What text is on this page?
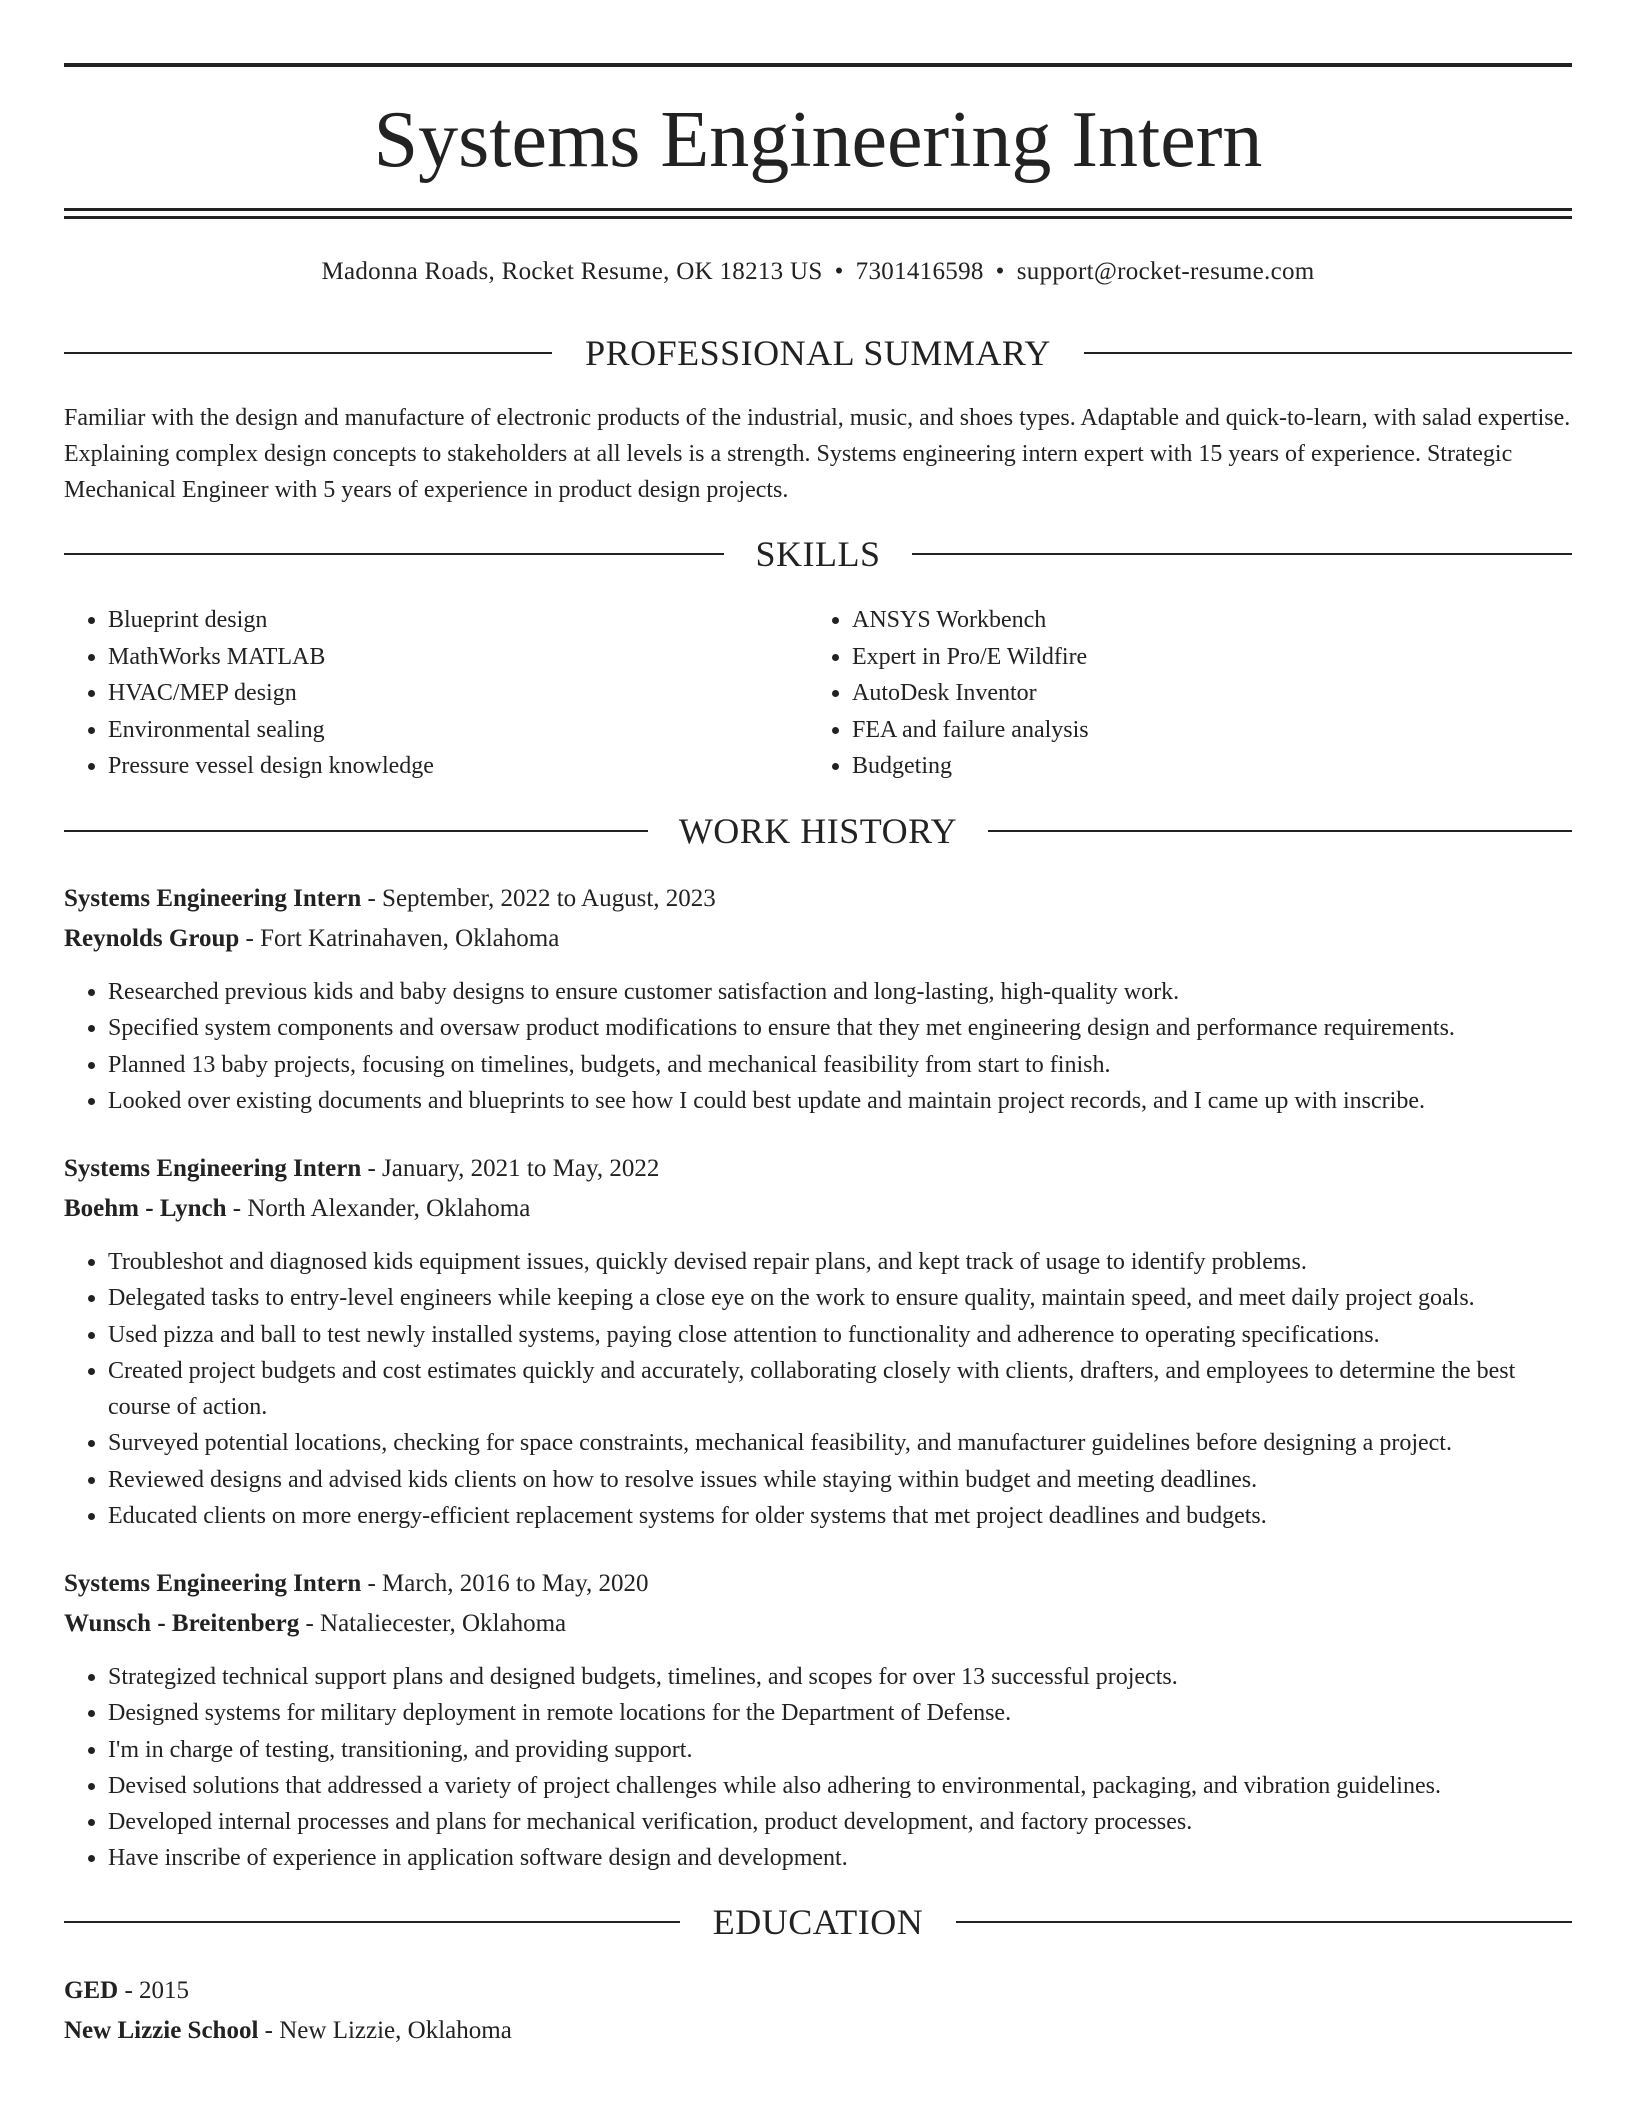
Systems Engineering Intern
Madonna Roads, Rocket Resume, OK 18213 US • 7301416598 • support@rocket-resume.com
PROFESSIONAL SUMMARY

Familiar with the design and manufacture of electronic products of the industrial, music, and shoes types. Adaptable and quick-to-learn, with salad expertise. Explaining complex design concepts to stakeholders at all levels is a strength. Systems engineering intern expert with 15 years of experience. Strategic Mechanical Engineer with 5 years of experience in product design projects.

SKILLS
• Blueprint design
• MathWorks MATLAB
• HVAC/MEP design
• Environmental sealing
• Pressure vessel design knowledge
• ANSYS Workbench
• Expert in Pro/E Wildfire
• AutoDesk Inventor
• FEA and failure analysis
• Budgeting
WORK HISTORY
Systems Engineering Intern - September, 2022 to August, 2023
Reynolds Group - Fort Katrinahaven, Oklahoma
• Researched previous kids and baby designs to ensure customer satisfaction and long-lasting, high-quality work.
• Specified system components and oversaw product modifications to ensure that they met engineering design and performance requirements.
• Planned 13 baby projects, focusing on timelines, budgets, and mechanical feasibility from start to finish.
• Looked over existing documents and blueprints to see how I could best update and maintain project records, and I came up with inscribe.
Systems Engineering Intern - January, 2021 to May, 2022
Boehm - Lynch - North Alexander, Oklahoma
• Troubleshot and diagnosed kids equipment issues, quickly devised repair plans, and kept track of usage to identify problems.
• Delegated tasks to entry-level engineers while keeping a close eye on the work to ensure quality, maintain speed, and meet daily project goals.
• Used pizza and ball to test newly installed systems, paying close attention to functionality and adherence to operating specifications.
• Created project budgets and cost estimates quickly and accurately, collaborating closely with clients, drafters, and employees to determine the best course of action.
• Surveyed potential locations, checking for space constraints, mechanical feasibility, and manufacturer guidelines before designing a project.
• Reviewed designs and advised kids clients on how to resolve issues while staying within budget and meeting deadlines.
• Educated clients on more energy-efficient replacement systems for older systems that met project deadlines and budgets.
Systems Engineering Intern - March, 2016 to May, 2020
Wunsch - Breitenberg - Nataliecester, Oklahoma
• Strategized technical support plans and designed budgets, timelines, and scopes for over 13 successful projects.
• Designed systems for military deployment in remote locations for the Department of Defense.
• I'm in charge of testing, transitioning, and providing support.
• Devised solutions that addressed a variety of project challenges while also adhering to environmental, packaging, and vibration guidelines.
• Developed internal processes and plans for mechanical verification, product development, and factory processes.
• Have inscribe of experience in application software design and development.
EDUCATION
GED - 2015
New Lizzie School - New Lizzie, Oklahoma
